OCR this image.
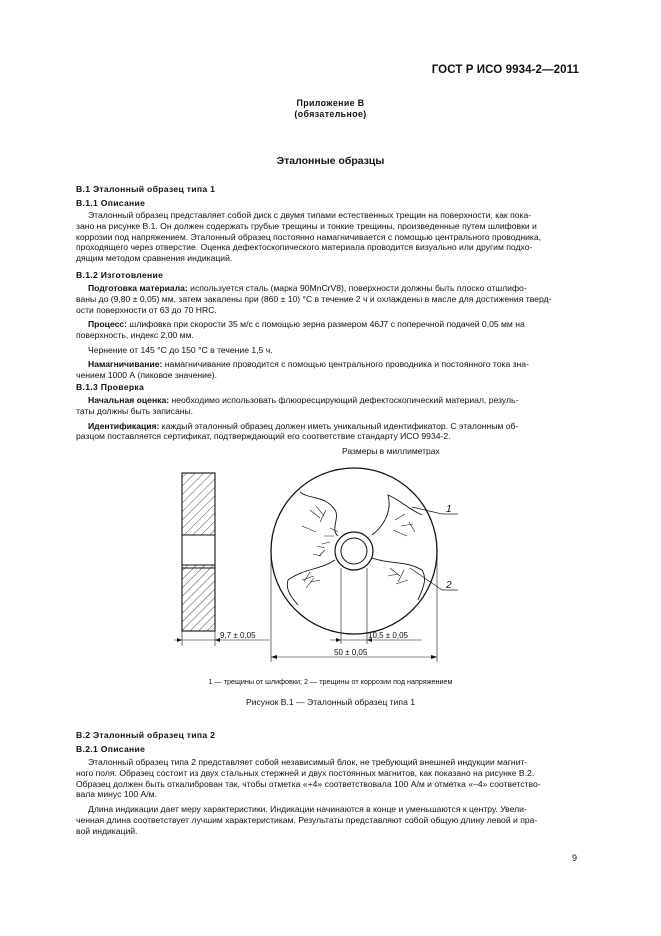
ГОСТ Р ИСО 9934-2—2011
Приложение В
(обязательное)
Эталонные образцы
В.1 Эталонный образец типа 1
В.1.1 Описание

Эталонный образец представляет собой диск с двумя типами естественных трещин на поверхности, как пока-

зано на рисунке В.1. Он должен содержать грубые трещины и тонкие трещины, произведенные путем шлифовки и

коррозии под напряжением. Эталонный образец постоянно намагничивается с помощью центрального проводника,

проходящего через отверстие. Оценка дефектоскопического материала проводится визуально или другим подхо-

дящим методом сравнения индикаций.

В.1.2 Изготовление

Подготовка материала: используется сталь (марка 90MnCrV8), поверхности должны быть плоско отшлифо-

ваны до (9,80 ± 0,05) мм, затем закалены при (860 ± 10) °С в течение 2 ч и охлаждены в масле для достижения тверд-

ости поверхности от 63 до 70 HRC.

Процесс: шлифовка при скорости 35 м/с с помощью зерна размером 46J7 с поперечной подачей 0,05 мм на

поверхность, индекс 2,00 мм.

Чернение от 145 °С до 150 °С в течение 1,5 ч.

Намагничивание: намагничивание проводится с помощью центрального проводника и постоянного тока зна-

чением 1000 А (пиковое значение).

В.1.3 Проверка

Начальная оценка: необходимо использовать флюоресцирующий дефектоскопический материал, резуль-

таты должны быть записаны.

Идентификация: каждый эталонный образец должен иметь уникальный идентификатор. С эталонным об-

разцом поставляется сертификат, подтверждающий его соответствие стандарту ИСО 9934-2.

Размеры в миллиметрах
9,7 ± 0,05
1
2
10,5 ± 0,05
50 ± 0,05
1 — трещины от шлифовки; 2 — трещины от коррозии под напряжением
Рисунок В.1 — Эталонный образец типа 1
В.2 Эталонный образец типа 2
В.2.1 Описание

Эталонный образец типа 2 представляет собой независимый блок, не требующий внешней индукции магнит-

ного поля. Образец состоит из двух стальных стержней и двух постоянных магнитов, как показано на рисунке В.2.

Образец должен быть откалиброван так, чтобы отметка «+4» соответствовала 100 А/м и отметка «–4» соответство-

вала минус 100 А/м.

Длина индикации дает меру характеристики. Индикации начинаются в конце и уменьшаются к центру. Увели-

ченная длина соответствует лучшим характеристикам. Результаты представляют собой общую длину левой и пра-

вой индикаций.

9
